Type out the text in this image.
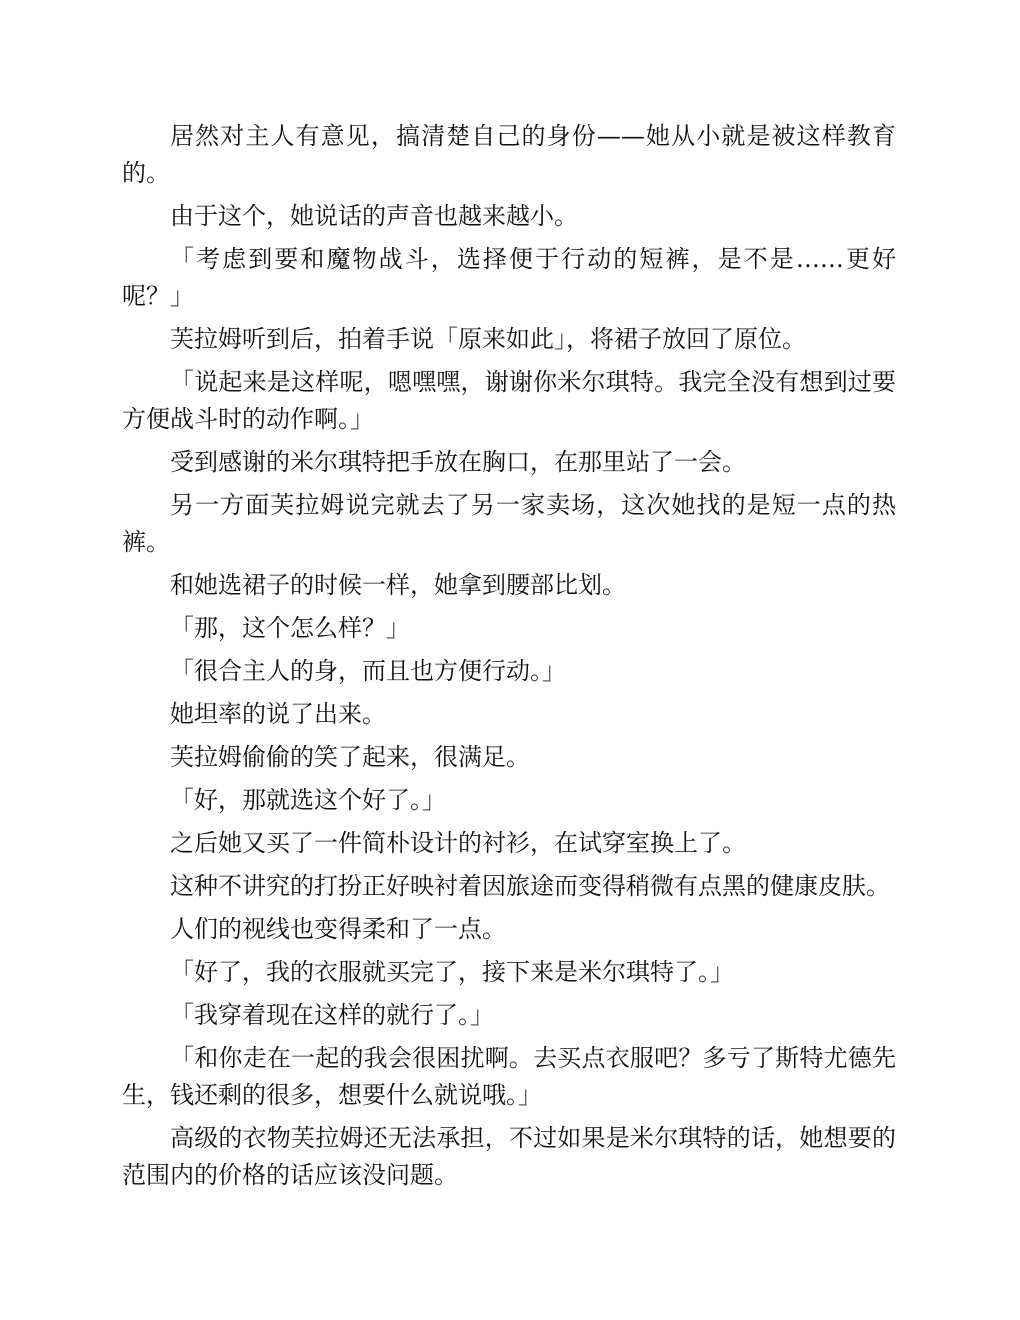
居然对主人有意见，搞清楚自己的身份——她从小就是被这样教育的。

由于这个，她说话的声音也越来越小。

「考虑到要和魔物战斗，选择便于行动的短裤，是不是……更好呢？」

芙拉姆听到后，拍着手说「原来如此」，将裙子放回了原位。

「说起来是这样呢，嗯嘿嘿，谢谢你米尔琪特。我完全没有想到过要方便战斗时的动作啊。」

受到感谢的米尔琪特把手放在胸口，在那里站了一会。

另一方面芙拉姆说完就去了另一家卖场，这次她找的是短一点的热裤。

和她选裙子的时候一样，她拿到腰部比划。

「那，这个怎么样？」

「很合主人的身，而且也方便行动。」

她坦率的说了出来。

芙拉姆偷偷的笑了起来，很满足。

「好，那就选这个好了。」

之后她又买了一件简朴设计的衬衫，在试穿室换上了。

这种不讲究的打扮正好映衬着因旅途而变得稍微有点黑的健康皮肤。

人们的视线也变得柔和了一点。

「好了，我的衣服就买完了，接下来是米尔琪特了。」

「我穿着现在这样的就行了。」

「和你走在一起的我会很困扰啊。去买点衣服吧？多亏了斯特尤德先生，钱还剩的很多，想要什么就说哦。」

高级的衣物芙拉姆还无法承担，不过如果是米尔琪特的话，她想要的范围内的价格的话应该没问题。
